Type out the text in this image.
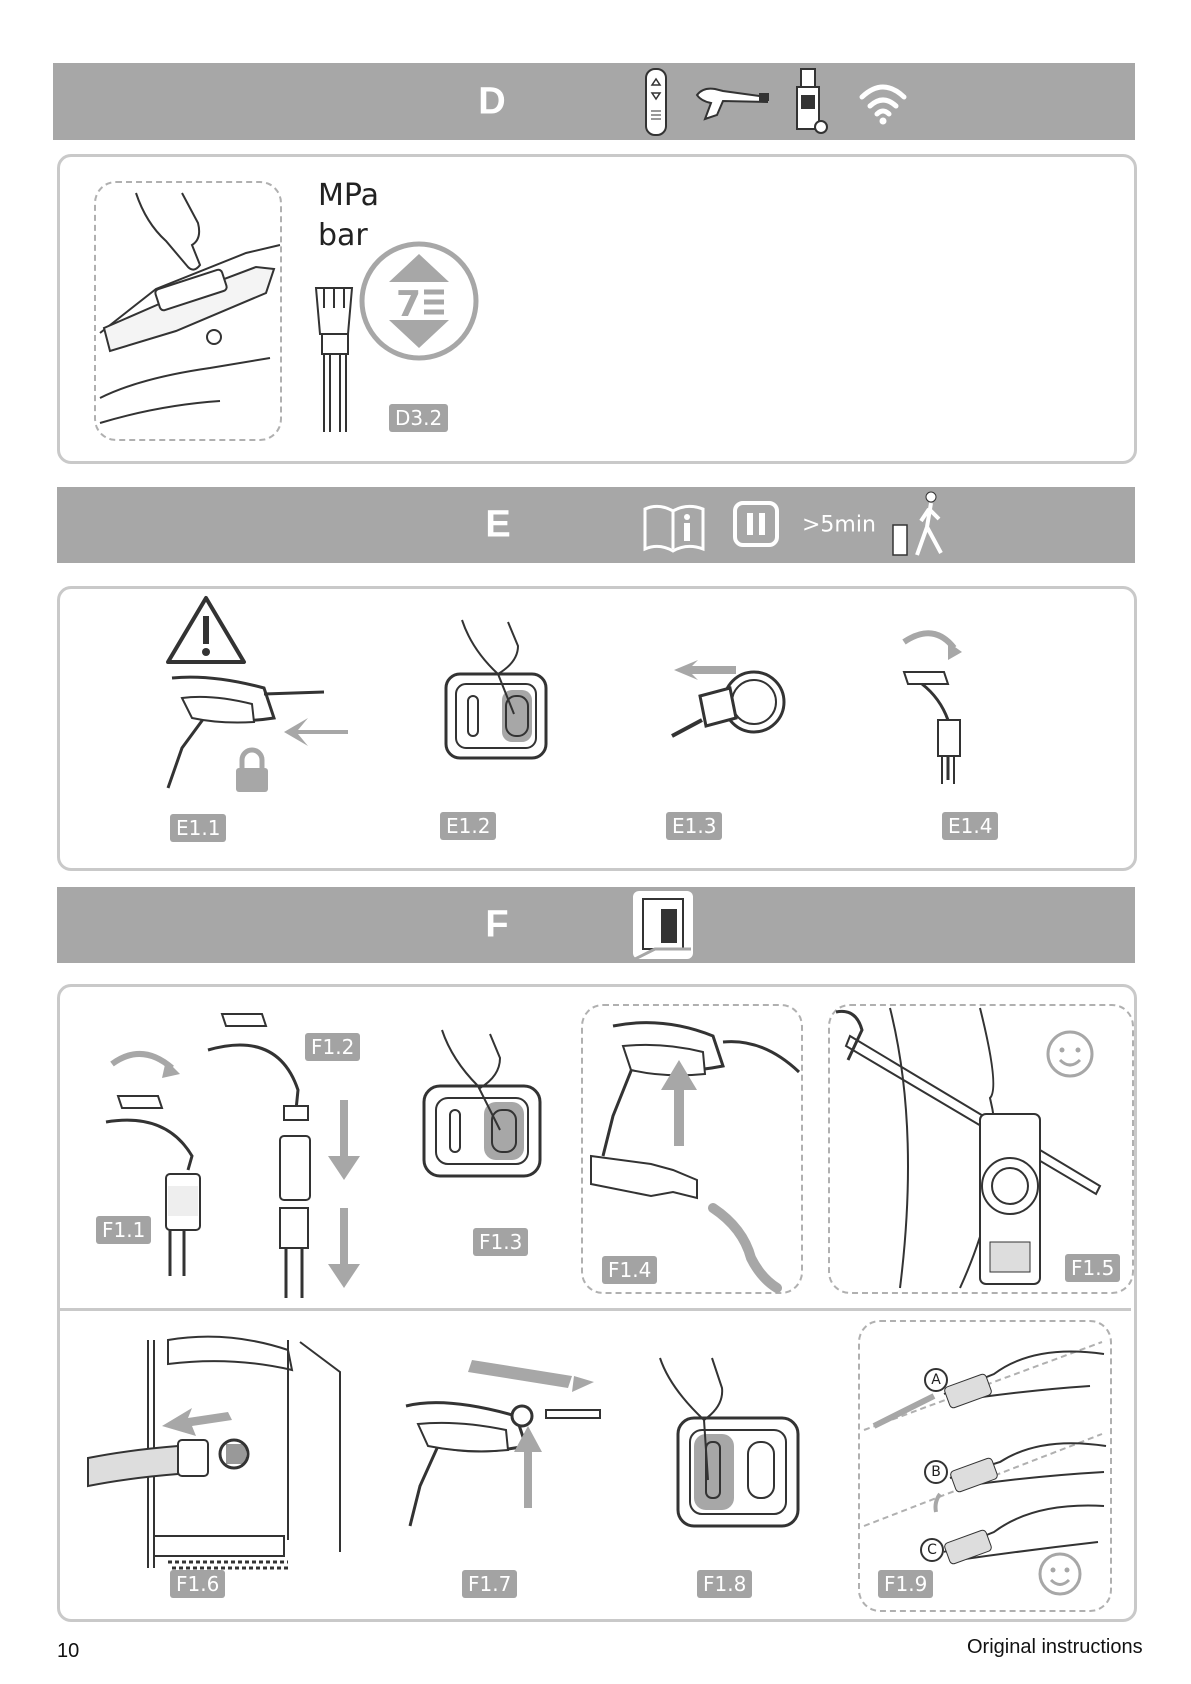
D
MPa
bar
7
D3.2
E	>5min
E1.1	E1.2	E1.3	E1.4
F
F1.1
F1.2
F1.3
F1.4	F1.5
F1.6	F1.7	F1.8
A
B
C
F1.9
10	Original instructions
